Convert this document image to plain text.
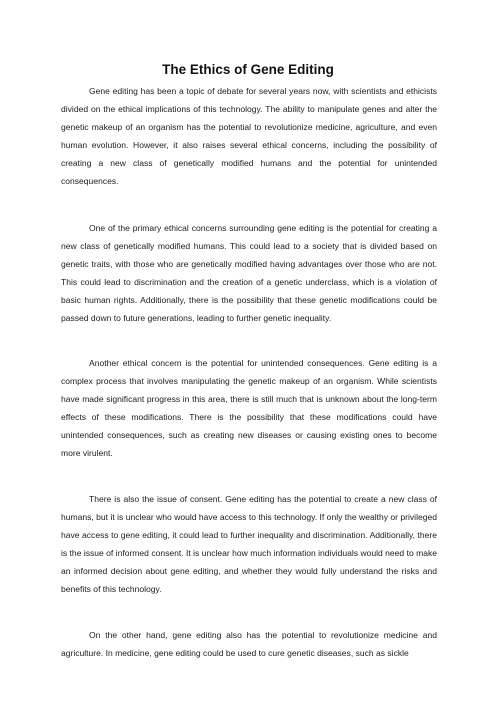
The Ethics of Gene Editing

Gene editing has been a topic of debate for several years now, with scientists and ethicists divided on the ethical implications of this technology. The ability to manipulate genes and alter the genetic makeup of an organism has the potential to revolutionize medicine, agriculture, and even human evolution. However, it also raises several ethical concerns, including the possibility of creating a new class of genetically modified humans and the potential for unintended consequences.

One of the primary ethical concerns surrounding gene editing is the potential for creating a new class of genetically modified humans. This could lead to a society that is divided based on genetic traits, with those who are genetically modified having advantages over those who are not. This could lead to discrimination and the creation of a genetic underclass, which is a violation of basic human rights. Additionally, there is the possibility that these genetic modifications could be passed down to future generations, leading to further genetic inequality.

Another ethical concern is the potential for unintended consequences. Gene editing is a complex process that involves manipulating the genetic makeup of an organism. While scientists have made significant progress in this area, there is still much that is unknown about the long-term effects of these modifications. There is the possibility that these modifications could have unintended consequences, such as creating new diseases or causing existing ones to become more virulent.

There is also the issue of consent. Gene editing has the potential to create a new class of humans, but it is unclear who would have access to this technology. If only the wealthy or privileged have access to gene editing, it could lead to further inequality and discrimination. Additionally, there is the issue of informed consent. It is unclear how much information individuals would need to make an informed decision about gene editing, and whether they would fully understand the risks and benefits of this technology.

On the other hand, gene editing also has the potential to revolutionize medicine and agriculture. In medicine, gene editing could be used to cure genetic diseases, such as sickle
